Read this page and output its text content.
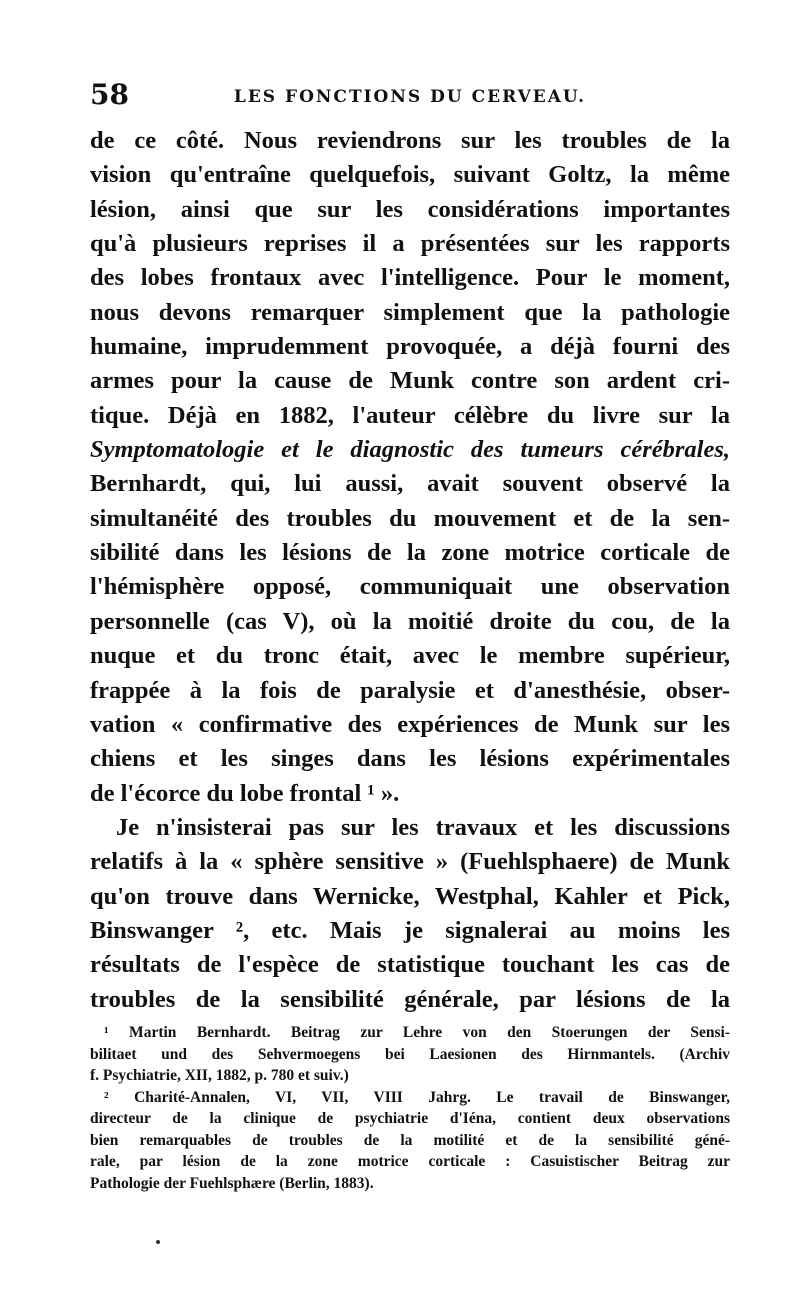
58	LES FONCTIONS DU CERVEAU.
de ce côté. Nous reviendrons sur les troubles de la
vision qu'entraîne quelquefois, suivant Goltz, la même
lésion, ainsi que sur les considérations importantes
qu'à plusieurs reprises il a présentées sur les rapports
des lobes frontaux avec l'intelligence. Pour le moment,
nous devons remarquer simplement que la pathologie
humaine, imprudemment provoquée, a déjà fourni des
armes pour la cause de Munk contre son ardent cri-
tique. Déjà en 1882, l'auteur célèbre du livre sur la
Symptomatologie et le diagnostic des tumeurs cérébrales,
Bernhardt, qui, lui aussi, avait souvent observé la
simultanéité des troubles du mouvement et de la sen-
sibilité dans les lésions de la zone motrice corticale de
l'hémisphère opposé, communiquait une observation
personnelle (cas V), où la moitié droite du cou, de la
nuque et du tronc était, avec le membre supérieur,
frappée à la fois de paralysie et d'anesthésie, obser-
vation « confirmative des expériences de Munk sur les
chiens et les singes dans les lésions expérimentales
de l'écorce du lobe frontal ¹ ».
Je n'insisterai pas sur les travaux et les discussions
relatifs à la « sphère sensitive » (Fuehlsphaere) de Munk
qu'on trouve dans Wernicke, Westphal, Kahler et Pick,
Binswanger ², etc. Mais je signalerai au moins les
résultats de l'espèce de statistique touchant les cas de
troubles de la sensibilité générale, par lésions de la
¹ Martin Bernhardt. Beitrag zur Lehre von den Stoerungen der Sensi-
bilitaet und des Sehvermoegens bei Laesionen des Hirnmantels. (Archiv
f. Psychiatrie, XII, 1882, p. 780 et suiv.)
² Charité-Annalen, VI, VII, VIII Jahrg. Le travail de Binswanger,
directeur de la clinique de psychiatrie d'Iéna, contient deux observations
bien remarquables de troubles de la motilité et de la sensibilité géné-
rale, par lésion de la zone motrice corticale : Casuistischer Beitrag zur
Pathologie der Fuehlsphære (Berlin, 1883).
